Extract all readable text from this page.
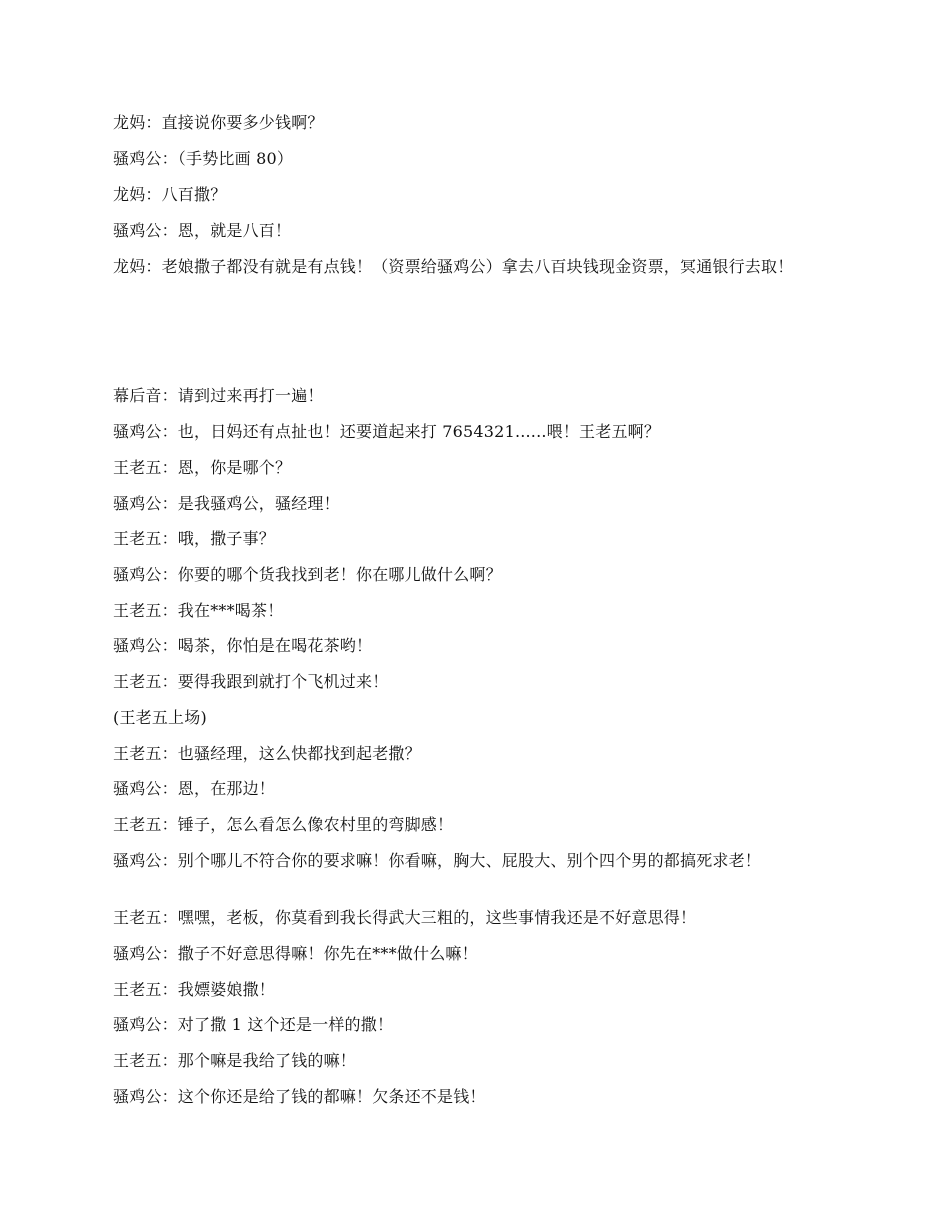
龙妈：直接说你要多少钱啊？
骚鸡公：（手势比画 80）
龙妈：八百撒？
骚鸡公：恩，就是八百！
龙妈：老娘撒子都没有就是有点钱！（资票给骚鸡公）拿去八百块钱现金资票，冥通银行去取！
幕后音：请到过来再打一遍！
骚鸡公：也，日妈还有点扯也！还要道起来打 7654321......喂！王老五啊？
王老五：恩，你是哪个？
骚鸡公：是我骚鸡公，骚经理！
王老五：哦，撒子事？
骚鸡公：你要的哪个货我找到老！你在哪儿做什么啊？
王老五：我在***喝茶！
骚鸡公：喝茶，你怕是在喝花茶哟！
王老五：要得我跟到就打个飞机过来！
(王老五上场)
王老五：也骚经理，这么快都找到起老撒？
骚鸡公：恩，在那边！
王老五：锤子，怎么看怎么像农村里的弯脚感！
骚鸡公：别个哪儿不符合你的要求嘛！你看嘛，胸大、屁股大、别个四个男的都搞死求老！
王老五：嘿嘿，老板，你莫看到我长得武大三粗的，这些事情我还是不好意思得！
骚鸡公：撒子不好意思得嘛！你先在***做什么嘛！
王老五：我嫖婆娘撒！
骚鸡公：对了撒 1 这个还是一样的撒！
王老五：那个嘛是我给了钱的嘛！
骚鸡公：这个你还是给了钱的都嘛！欠条还不是钱！
